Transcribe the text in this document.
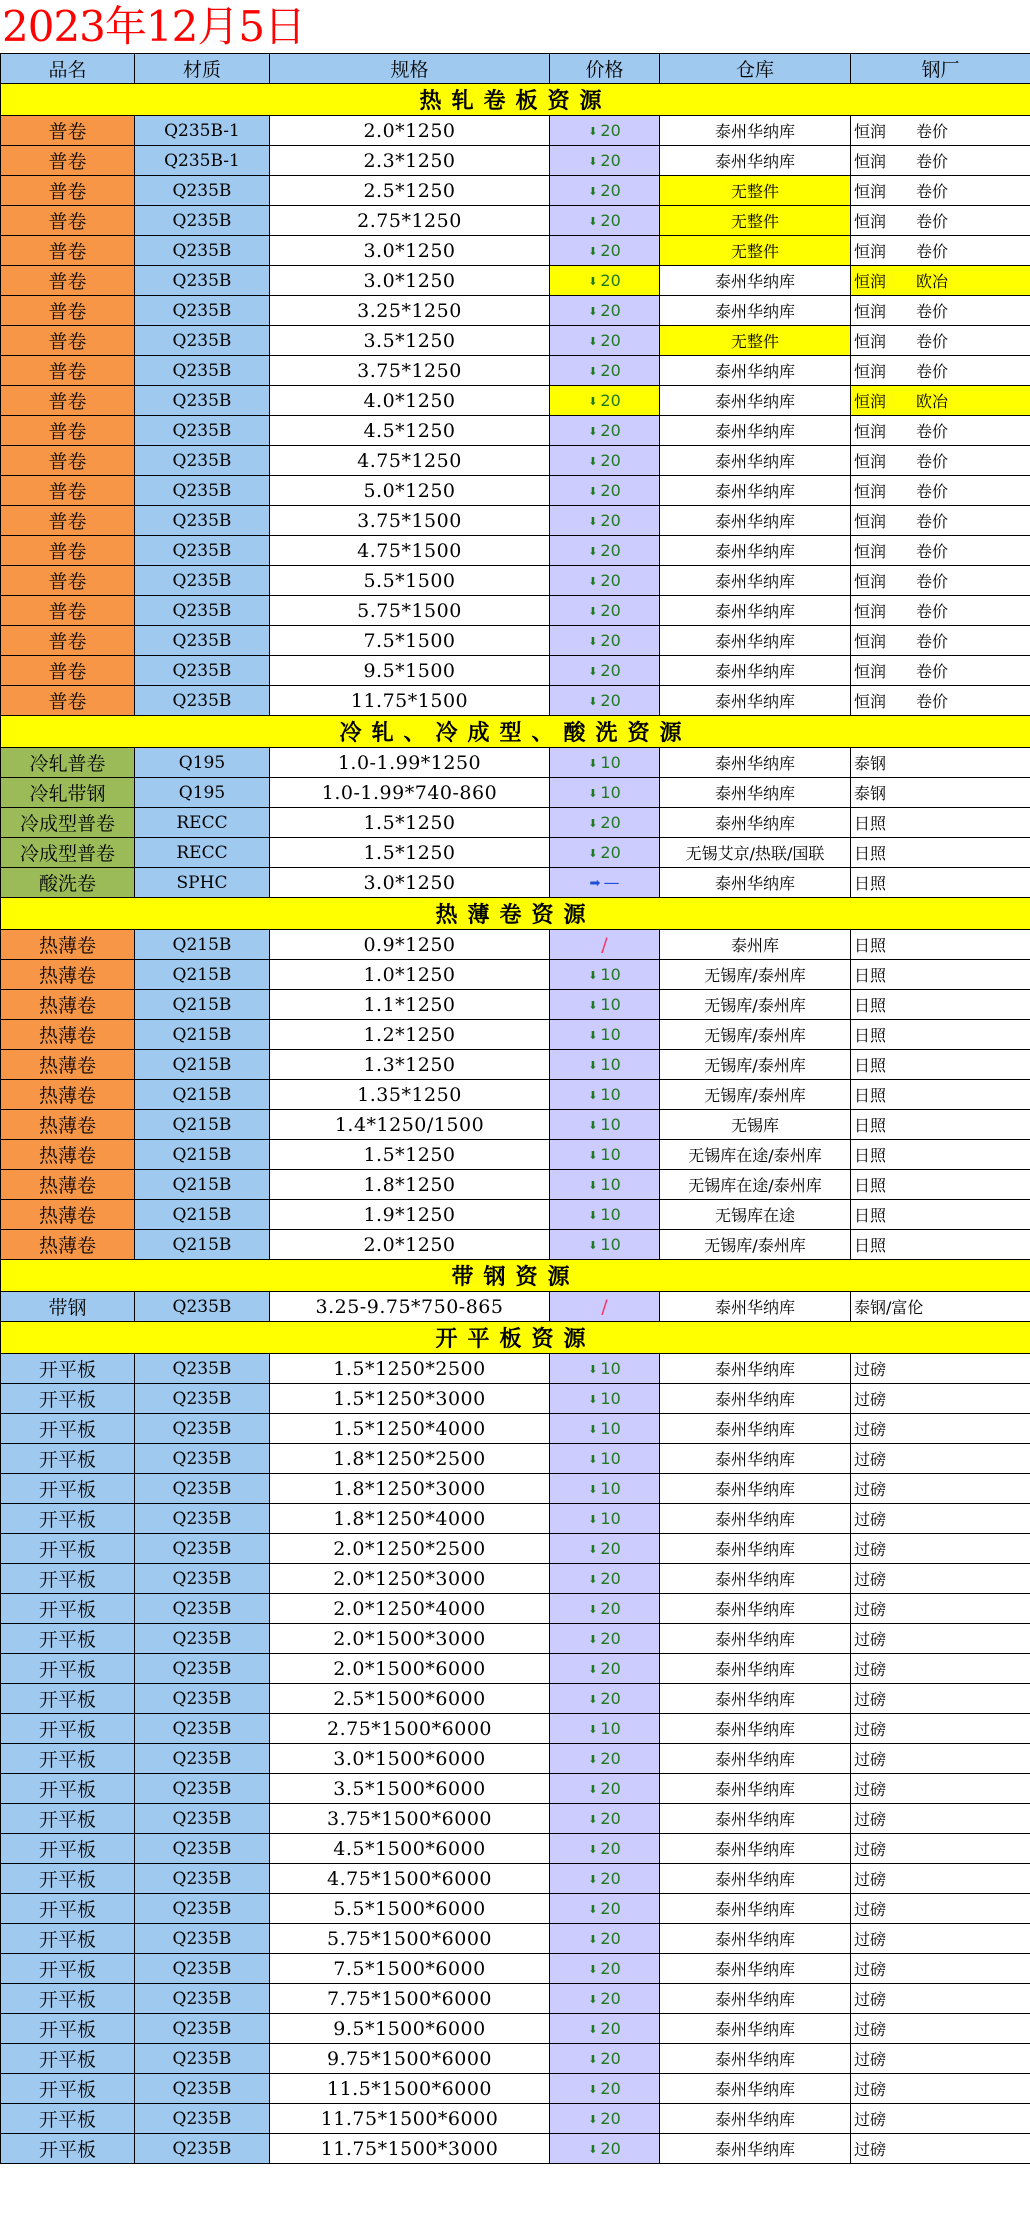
2023年12月5日
品名	材质	规格	价格	仓库	钢厂
热轧卷板资源					
普卷	Q235B-1	2.0*1250	⬇ 20	泰州华纳库	恒润 卷价
普卷	Q235B-1	2.3*1250	⬇ 20	泰州华纳库	恒润 卷价
普卷	Q235B	2.5*1250	⬇ 20	无整件	恒润 卷价
普卷	Q235B	2.75*1250	⬇ 20	无整件	恒润 卷价
普卷	Q235B	3.0*1250	⬇ 20	无整件	恒润 卷价
普卷	Q235B	3.0*1250	⬇ 20	泰州华纳库	恒润 欧冶
普卷	Q235B	3.25*1250	⬇ 20	泰州华纳库	恒润 卷价
普卷	Q235B	3.5*1250	⬇ 20	无整件	恒润 卷价
普卷	Q235B	3.75*1250	⬇ 20	泰州华纳库	恒润 卷价
普卷	Q235B	4.0*1250	⬇ 20	泰州华纳库	恒润 欧冶
普卷	Q235B	4.5*1250	⬇ 20	泰州华纳库	恒润 卷价
普卷	Q235B	4.75*1250	⬇ 20	泰州华纳库	恒润 卷价
普卷	Q235B	5.0*1250	⬇ 20	泰州华纳库	恒润 卷价
普卷	Q235B	3.75*1500	⬇ 20	泰州华纳库	恒润 卷价
普卷	Q235B	4.75*1500	⬇ 20	泰州华纳库	恒润 卷价
普卷	Q235B	5.5*1500	⬇ 20	泰州华纳库	恒润 卷价
普卷	Q235B	5.75*1500	⬇ 20	泰州华纳库	恒润 卷价
普卷	Q235B	7.5*1500	⬇ 20	泰州华纳库	恒润 卷价
普卷	Q235B	9.5*1500	⬇ 20	泰州华纳库	恒润 卷价
普卷	Q235B	11.75*1500	⬇ 20	泰州华纳库	恒润 卷价
冷轧、冷成型、酸洗资源					
冷轧普卷	Q195	1.0-1.99*1250	⬇ 10	泰州华纳库	泰钢
冷轧带钢	Q195	1.0-1.99*740-860	⬇ 10	泰州华纳库	泰钢
冷成型普卷	RECC	1.5*1250	⬇ 20	泰州华纳库	日照
冷成型普卷	RECC	1.5*1250	⬇ 20	无锡艾京/热联/国联	日照
酸洗卷	SPHC	3.0*1250	➡ —	泰州华纳库	日照
热薄卷资源					
热薄卷	Q215B	0.9*1250	/	泰州库	日照
热薄卷	Q215B	1.0*1250	⬇ 10	无锡库/泰州库	日照
热薄卷	Q215B	1.1*1250	⬇ 10	无锡库/泰州库	日照
热薄卷	Q215B	1.2*1250	⬇ 10	无锡库/泰州库	日照
热薄卷	Q215B	1.3*1250	⬇ 10	无锡库/泰州库	日照
热薄卷	Q215B	1.35*1250	⬇ 10	无锡库/泰州库	日照
热薄卷	Q215B	1.4*1250/1500	⬇ 10	无锡库	日照
热薄卷	Q215B	1.5*1250	⬇ 10	无锡库在途/泰州库	日照
热薄卷	Q215B	1.8*1250	⬇ 10	无锡库在途/泰州库	日照
热薄卷	Q215B	1.9*1250	⬇ 10	无锡库在途	日照
热薄卷	Q215B	2.0*1250	⬇ 10	无锡库/泰州库	日照
带钢资源					
带钢	Q235B	3.25-9.75*750-865	/	泰州华纳库	泰钢/富伦
开平板资源					
开平板	Q235B	1.5*1250*2500	⬇ 10	泰州华纳库	过磅
开平板	Q235B	1.5*1250*3000	⬇ 10	泰州华纳库	过磅
开平板	Q235B	1.5*1250*4000	⬇ 10	泰州华纳库	过磅
开平板	Q235B	1.8*1250*2500	⬇ 10	泰州华纳库	过磅
开平板	Q235B	1.8*1250*3000	⬇ 10	泰州华纳库	过磅
开平板	Q235B	1.8*1250*4000	⬇ 10	泰州华纳库	过磅
开平板	Q235B	2.0*1250*2500	⬇ 20	泰州华纳库	过磅
开平板	Q235B	2.0*1250*3000	⬇ 20	泰州华纳库	过磅
开平板	Q235B	2.0*1250*4000	⬇ 20	泰州华纳库	过磅
开平板	Q235B	2.0*1500*3000	⬇ 20	泰州华纳库	过磅
开平板	Q235B	2.0*1500*6000	⬇ 20	泰州华纳库	过磅
开平板	Q235B	2.5*1500*6000	⬇ 20	泰州华纳库	过磅
开平板	Q235B	2.75*1500*6000	⬇ 10	泰州华纳库	过磅
开平板	Q235B	3.0*1500*6000	⬇ 20	泰州华纳库	过磅
开平板	Q235B	3.5*1500*6000	⬇ 20	泰州华纳库	过磅
开平板	Q235B	3.75*1500*6000	⬇ 20	泰州华纳库	过磅
开平板	Q235B	4.5*1500*6000	⬇ 20	泰州华纳库	过磅
开平板	Q235B	4.75*1500*6000	⬇ 20	泰州华纳库	过磅
开平板	Q235B	5.5*1500*6000	⬇ 20	泰州华纳库	过磅
开平板	Q235B	5.75*1500*6000	⬇ 20	泰州华纳库	过磅
开平板	Q235B	7.5*1500*6000	⬇ 20	泰州华纳库	过磅
开平板	Q235B	7.75*1500*6000	⬇ 20	泰州华纳库	过磅
开平板	Q235B	9.5*1500*6000	⬇ 20	泰州华纳库	过磅
开平板	Q235B	9.75*1500*6000	⬇ 20	泰州华纳库	过磅
开平板	Q235B	11.5*1500*6000	⬇ 20	泰州华纳库	过磅
开平板	Q235B	11.75*1500*6000	⬇ 20	泰州华纳库	过磅
开平板	Q235B	11.75*1500*3000	⬇ 20	泰州华纳库	过磅
